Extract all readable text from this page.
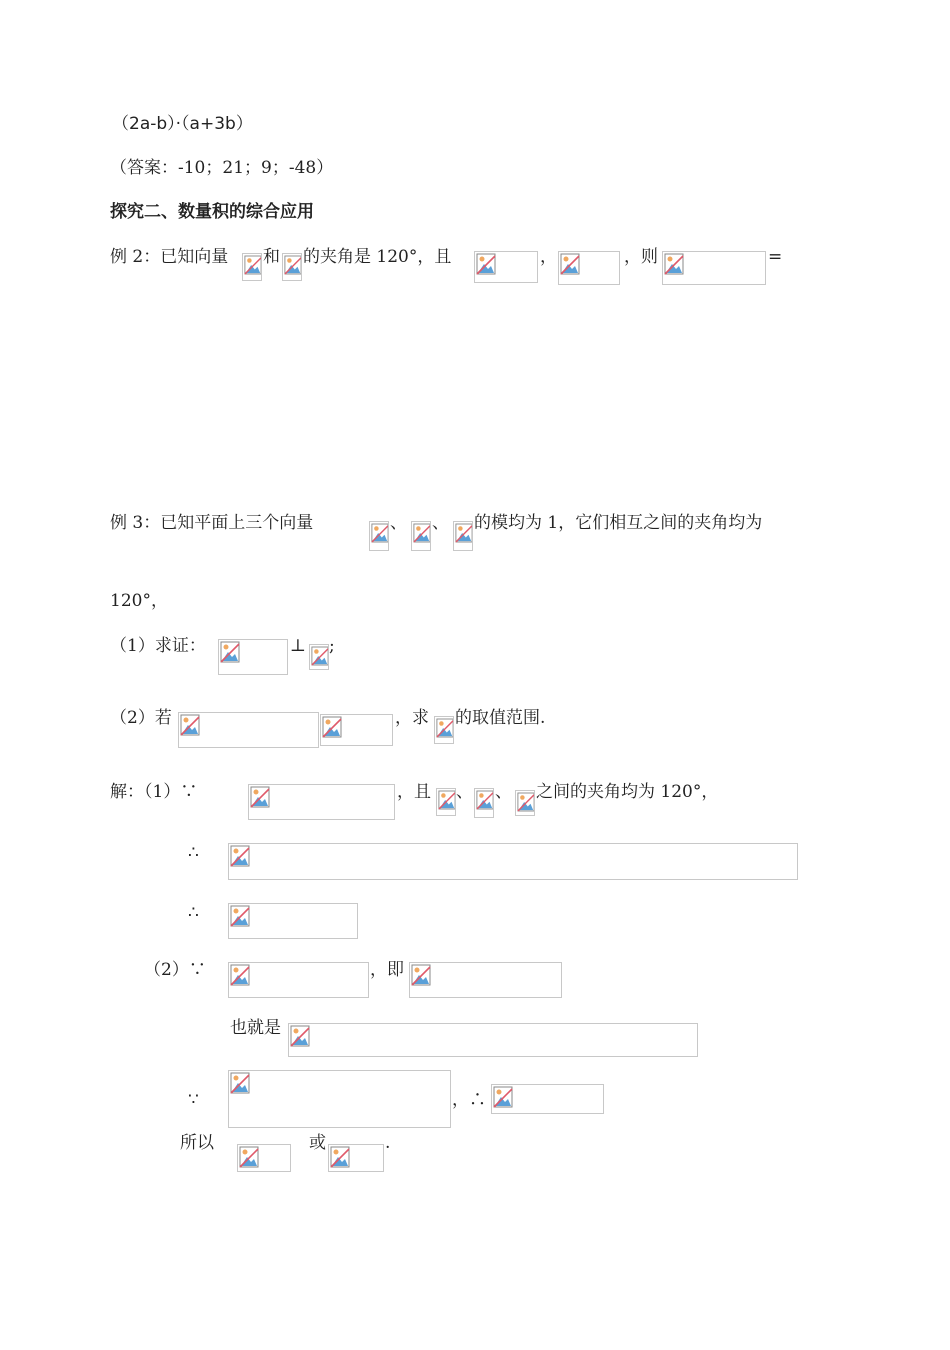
（2a-b）·（a+3b）
（答案：-10；21；9；-48）
探究二、数量积的综合应用
例 2：已知向量 和 的夹角是 120°，且	，	，则	=
例 3：已知平面上三个向量	、 、 的模均为 1，它们相互之间的夹角均为
120°，
（1）求证：	⊥ ;
（2）若	，求 的取值范围.
解：（1）∵	，且 、 、 之间的夹角均为 120°，
∴
∴
（2）∵	，即
也就是
∵	，∴
所以	或	.
